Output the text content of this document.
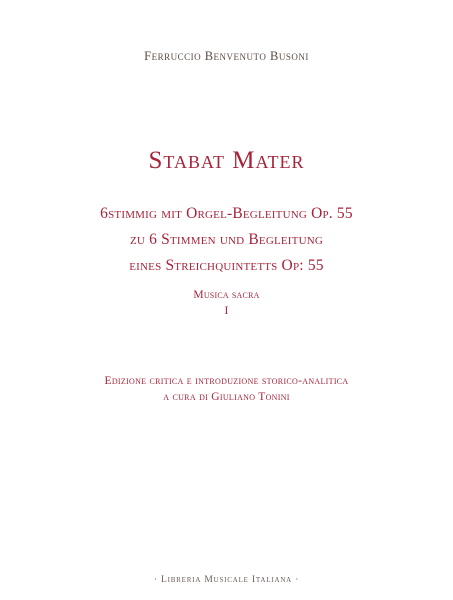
Ferruccio Benvenuto Busoni
Stabat Mater
6stimmig mit Orgel-Begleitung Op. 55
zu 6 Stimmen und Begleitung
eines Streichquintetts Op: 55
Musica sacra
I
Edizione critica e introduzione storico-analitica
a cura di Giuliano Tonini
· Libreria Musicale Italiana ·
